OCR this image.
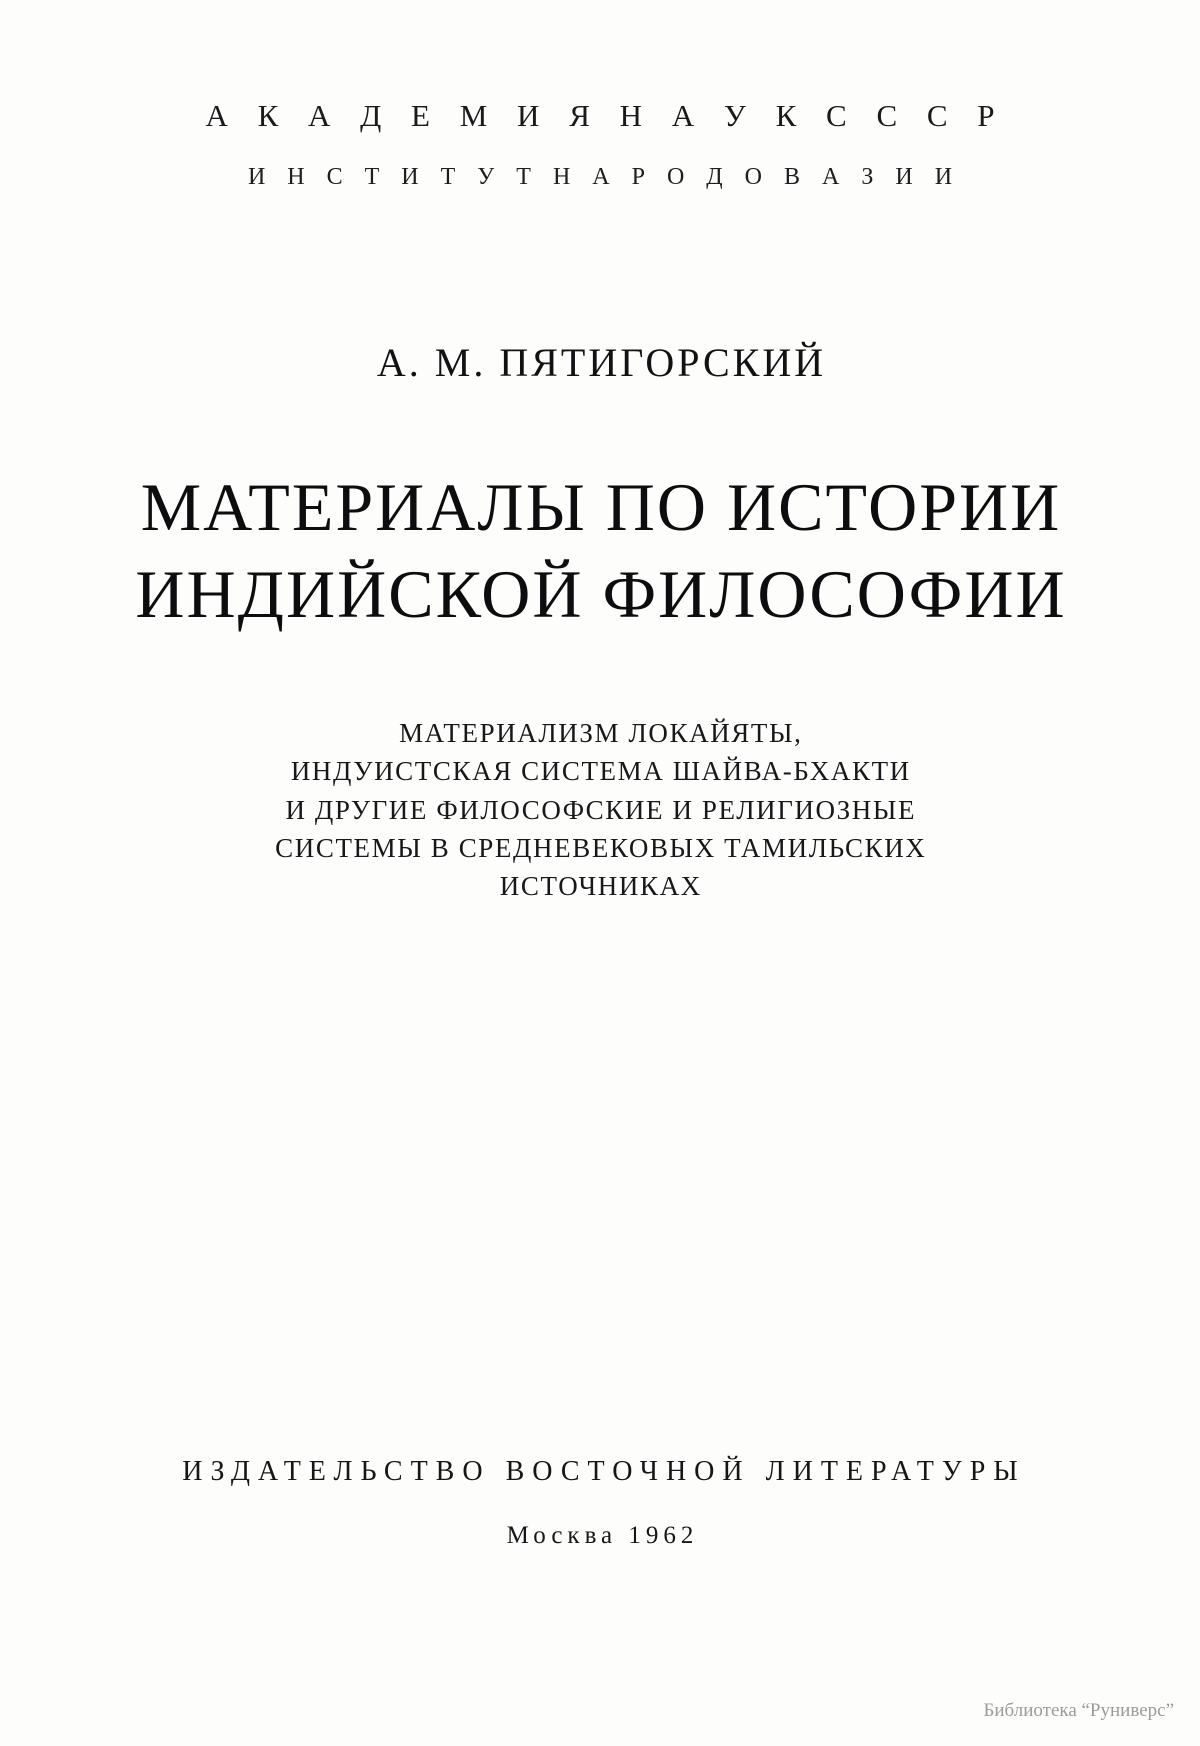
А К А Д Е М И Я Н А У К С С С Р
И Н С Т И Т У Т Н А Р О Д О В А З И И
А. М. ПЯТИГОРСКИЙ
МАТЕРИАЛЫ ПО ИСТОРИИ
ИНДИЙСКОЙ ФИЛОСОФИИ
МАТЕРИАЛИЗМ ЛОКАЙЯТЫ,
ИНДУИСТСКАЯ СИСТЕМА ШАЙВА-БХАКТИ
И ДРУГИЕ ФИЛОСОФСКИЕ И РЕЛИГИОЗНЫЕ
СИСТЕМЫ В СРЕДНЕВЕКОВЫХ ТАМИЛЬСКИХ
ИСТОЧНИКАХ
ИЗДАТЕЛЬСТВО ВОСТОЧНОЙ ЛИТЕРАТУРЫ
Москва 1962
Библиотека “Руниверс”
